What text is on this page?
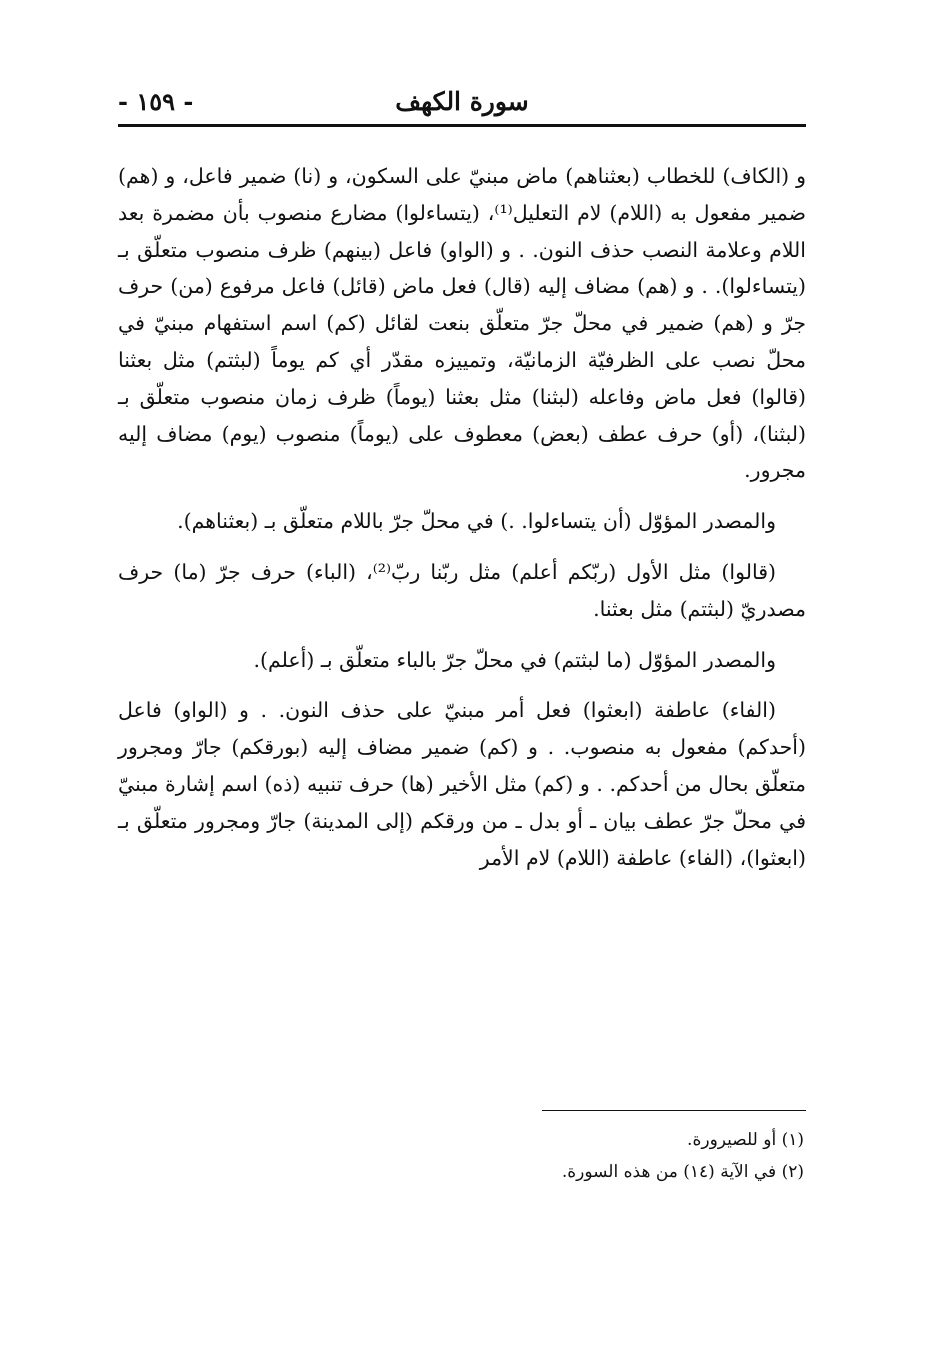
سورة الكهف
- ١٥٩ -

و (الكاف) للخطاب (بعثناهم) ماض مبنيّ على السكون، و (نا) ضمير فاعل، و (هم) ضمير مفعول به (اللام) لام التعليل⁽¹⁾، (يتساءلوا) مضارع منصوب بأن مضمرة بعد اللام وعلامة النصب حذف النون. . و (الواو) فاعل (بينهم) ظرف منصوب متعلّق بـ (يتساءلوا). . و (هم) مضاف إليه (قال) فعل ماض (قائل) فاعل مرفوع (من) حرف جرّ و (هم) ضمير في محلّ جرّ متعلّق بنعت لقائل (كم) اسم استفهام مبنيّ في محلّ نصب على الظرفيّة الزمانيّة، وتمييزه مقدّر أي كم يوماً (لبثتم) مثل بعثنا (قالوا) فعل ماض وفاعله (لبثنا) مثل بعثنا (يوماً) ظرف زمان منصوب متعلّق بـ (لبثنا)، (أو) حرف عطف (بعض) معطوف على (يوماً) منصوب (يوم) مضاف إليه مجرور.

والمصدر المؤوّل (أن يتساءلوا. .) في محلّ جرّ باللام متعلّق بـ (بعثناهم).

(قالوا) مثل الأول (ربّكم أعلم) مثل ربّنا ربّ⁽²⁾، (الباء) حرف جرّ (ما) حرف مصدريّ (لبثتم) مثل بعثنا.

والمصدر المؤوّل (ما لبثتم) في محلّ جرّ بالباء متعلّق بـ (أعلم).

(الفاء) عاطفة (ابعثوا) فعل أمر مبنيّ على حذف النون. . و (الواو) فاعل (أحدكم) مفعول به منصوب. . و (كم) ضمير مضاف إليه (بورقكم) جارّ ومجرور متعلّق بحال من أحدكم. . و (كم) مثل الأخير (ها) حرف تنبيه (ذه) اسم إشارة مبنيّ في محلّ جرّ عطف بيان ـ أو بدل ـ من ورقكم (إلى المدينة) جارّ ومجرور متعلّق بـ (ابعثوا)، (الفاء) عاطفة (اللام) لام الأمر

(١) أو للصيرورة.
(٢) في الآية (١٤) من هذه السورة.
